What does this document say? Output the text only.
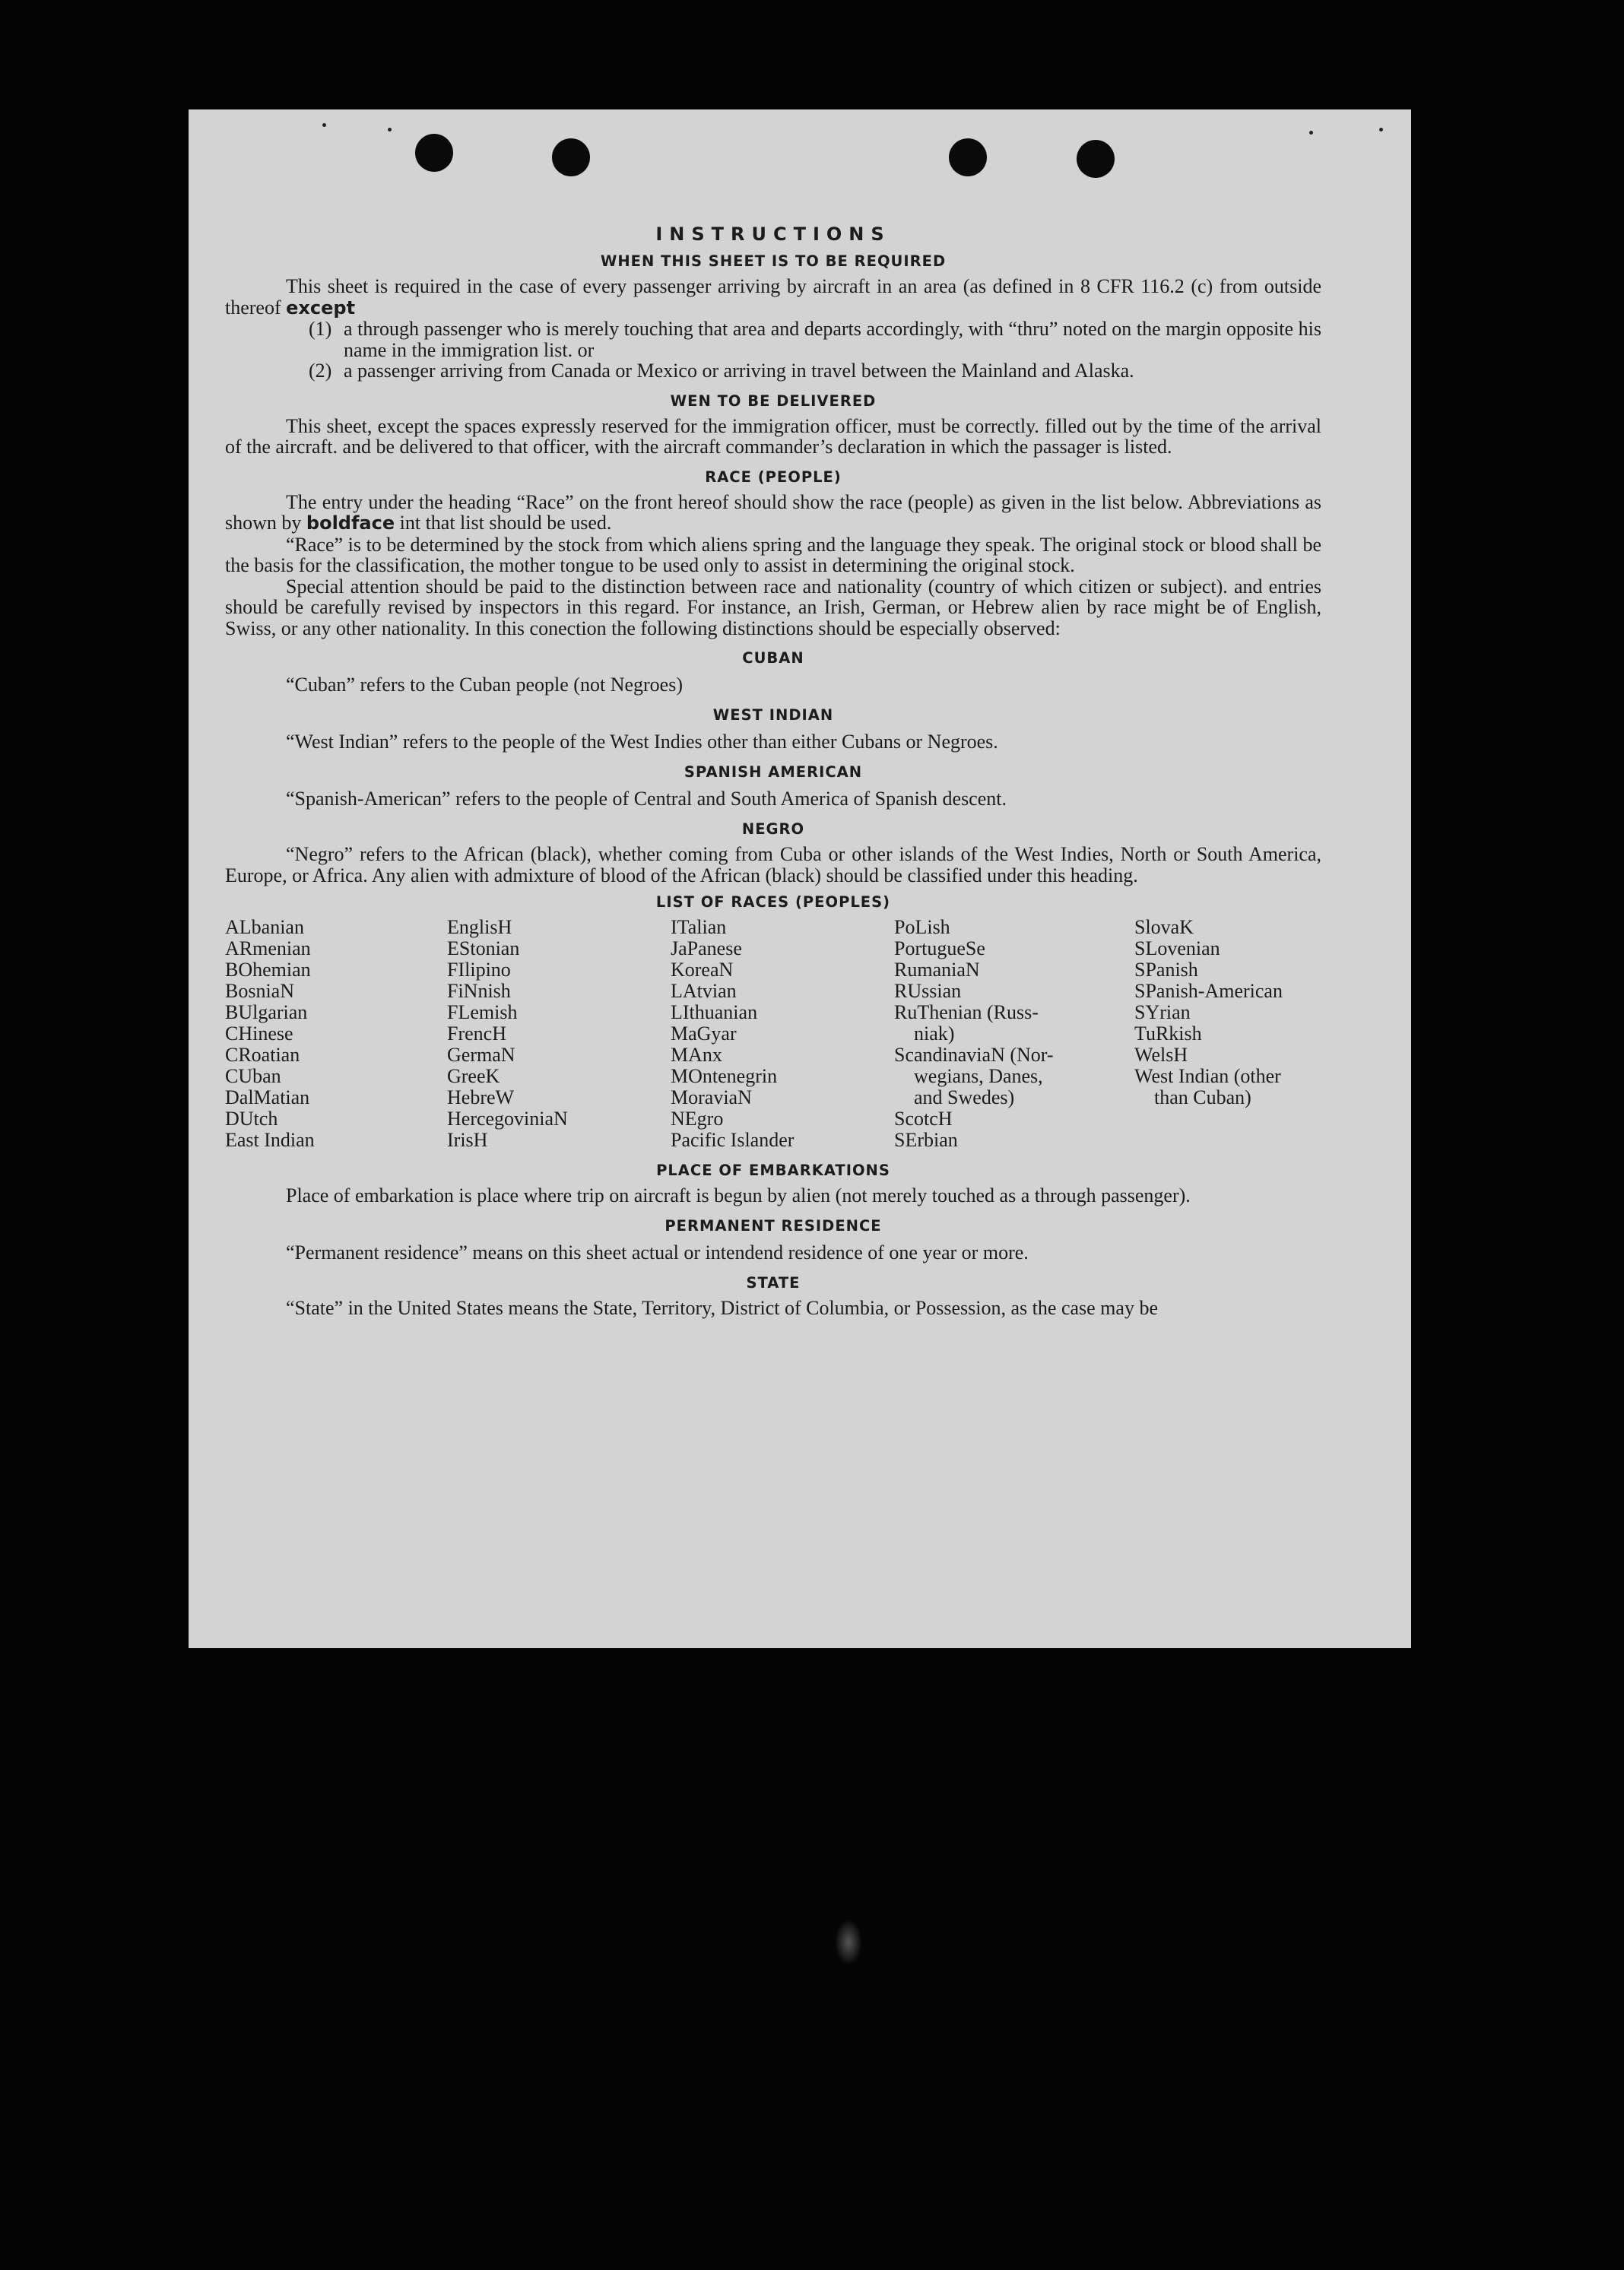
INSTRUCTIONS
WHEN THIS SHEET IS TO BE REQUIRED

This sheet is required in the case of every passenger arriving by aircraft in an area (as defined in 8 CFR 116.2 (c) from outside thereof except

(1) a through passenger who is merely touching that area and departs accordingly, with “thru” noted on the margin opposite his name in the immigration list. or
(2) a passenger arriving from Canada or Mexico or arriving in travel between the Mainland and Alaska.
WEN TO BE DELIVERED

This sheet, except the spaces expressly reserved for the immigration officer, must be correctly. filled out by the time of the arrival of the aircraft. and be delivered to that officer, with the aircraft commander’s declaration in which the passager is listed.

RACE (PEOPLE)

The entry under the heading “Race” on the front hereof should show the race (people) as given in the list below. Abbreviations as shown by boldface int that list should be used.

“Race” is to be determined by the stock from which aliens spring and the language they speak. The original stock or blood shall be the basis for the classification, the mother tongue to be used only to assist in determining the original stock.

Special attention should be paid to the distinction between race and nationality (country of which citizen or subject). and entries should be carefully revised by inspectors in this regard. For instance, an Irish, German, or Hebrew alien by race might be of English, Swiss, or any other nationality. In this conection the following distinctions should be especially observed:

CUBAN
“Cuban” refers to the Cuban people (not Negroes)
WEST INDIAN
“West Indian” refers to the people of the West Indies other than either Cubans or Negroes.
SPANISH AMERICAN
“Spanish-American” refers to the people of Central and South America of Spanish descent.
NEGRO

“Negro” refers to the African (black), whether coming from Cuba or other islands of the West Indies, North or South America, Europe, or Africa. Any alien with admixture of blood of the African (black) should be classified under this heading.

LIST OF RACES (PEOPLES)
ALbanian
ARmenian
BOhemian
BosniaN
BUlgarian
CHinese
CRoatian
CUban
DalMatian
DUtch
East Indian
EnglisH
EStonian
FIlipino
FiNnish
FLemish
FrencH
GermaN
GreeK
HebreW
HercegoviniaN
IrisH
ITalian
JaPanese
KoreaN
LAtvian
LIthuanian
MaGyar
MAnx
MOntenegrin
MoraviaN
NEgro
Pacific Islander
PoLish
PortugueSe
RumaniaN
RUssian
RuThenian (Russ-
niak)
ScandinaviaN (Nor-
wegians, Danes,
and Swedes)
ScotcH
SErbian
SlovaK
SLovenian
SPanish
SPanish-American
SYrian
TuRkish
WelsH
West Indian (other
than Cuban)
PLACE OF EMBARKATIONS

Place of embarkation is place where trip on aircraft is begun by alien (not merely touched as a through passenger).

PERMANENT RESIDENCE
“Permanent residence” means on this sheet actual or intendend residence of one year or more.
STATE

“State” in the United States means the State, Territory, District of Columbia, or Possession, as the case may be
